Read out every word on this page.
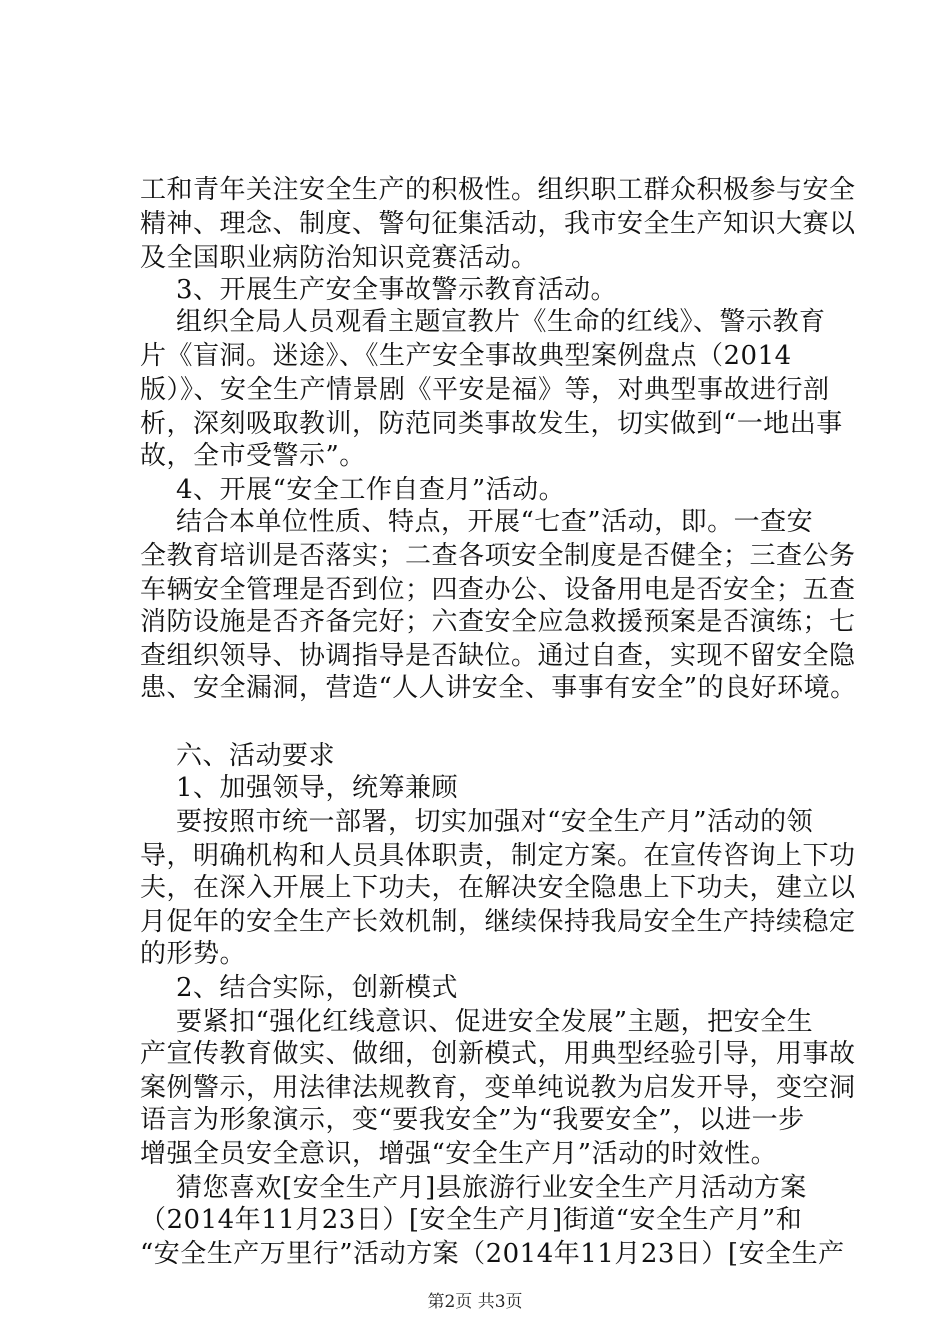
工和青年关注安全生产的积极性。组织职工群众积极参与安全
精神、理念、制度、警句征集活动，我市安全生产知识大赛以
及全国职业病防治知识竞赛活动。
3、开展生产安全事故警示教育活动。
组织全局人员观看主题宣教片《生命的红线》、警示教育
片《盲洞。迷途》、《生产安全事故典型案例盘点（2014
版）》、安全生产情景剧《平安是福》等，对典型事故进行剖
析，深刻吸取教训，防范同类事故发生，切实做到“一地出事
故，全市受警示”。
4、开展“安全工作自查月”活动。
结合本单位性质、特点，开展“七查”活动，即。一查安
全教育培训是否落实；二查各项安全制度是否健全；三查公务
车辆安全管理是否到位；四查办公、设备用电是否安全；五查
消防设施是否齐备完好；六查安全应急救援预案是否演练；七
查组织领导、协调指导是否缺位。通过自查，实现不留安全隐
患、安全漏洞，营造“人人讲安全、事事有安全”的良好环境。
六、活动要求
1、加强领导，统筹兼顾
要按照市统一部署，切实加强对“安全生产月”活动的领
导，明确机构和人员具体职责，制定方案。在宣传咨询上下功
夫，在深入开展上下功夫，在解决安全隐患上下功夫，建立以
月促年的安全生产长效机制，继续保持我局安全生产持续稳定
的形势。
2、结合实际，创新模式
要紧扣“强化红线意识、促进安全发展”主题，把安全生
产宣传教育做实、做细，创新模式，用典型经验引导，用事故
案例警示，用法律法规教育，变单纯说教为启发开导，变空洞
语言为形象演示，变“要我安全”为“我要安全”，以进一步
增强全员安全意识，增强“安全生产月”活动的时效性。
猜您喜欢[安全生产月]县旅游行业安全生产月活动方案
（2014年11月23日）[安全生产月]街道“安全生产月”和
“安全生产万里行”活动方案（2014年11月23日）[安全生产
第2页 共3页
